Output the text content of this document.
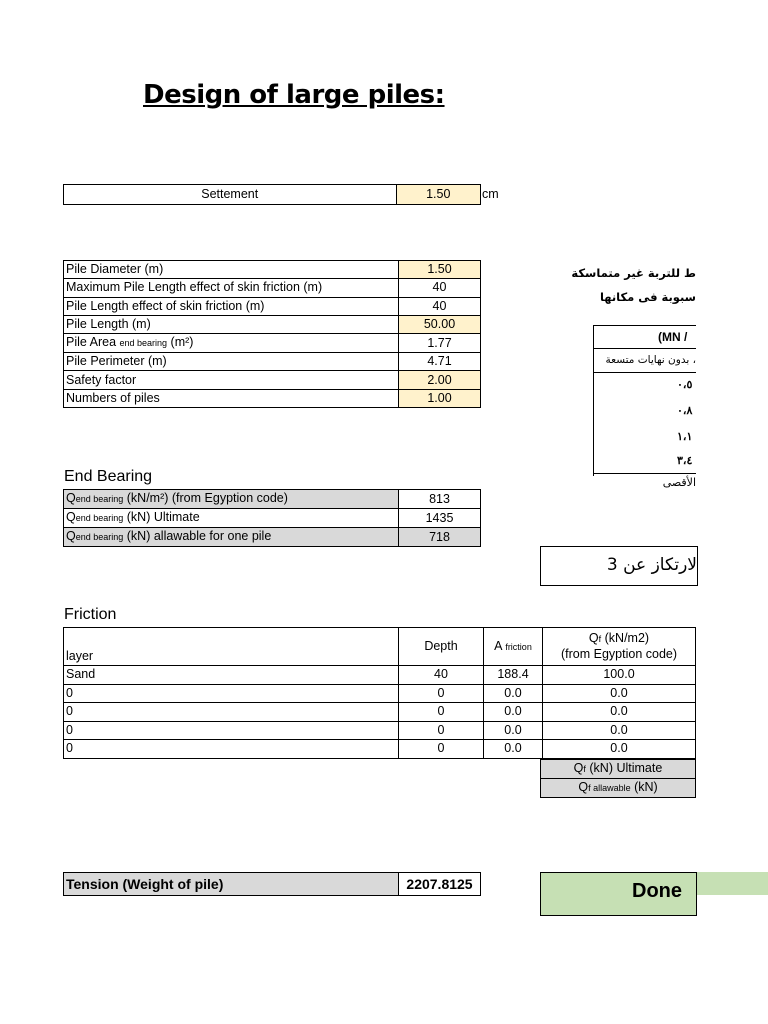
Design of large piles:
Settement	1.50	cm
Pile Diameter (m)	1.50
Maximum Pile Length effect of skin friction (m)	40
Pile Length effect of skin friction (m)	40
Pile Length (m)	50.00
Pile Area end bearing (m²)	1.77
Pile Perimeter (m)	4.71
Safety factor	2.00
Numbers of piles	1.00
End Bearing
Qend bearing (kN/m²) (from Egyption code)	813
Qend bearing (kN) Ultimate	1435
Qend bearing (kN) allawable for one pile	718
ط للتربة غير متماسكة
سبوبة فى مكانها
(MN /
، بدون نهايات متسعة
٠،٥
٠،٨
١،١
٣،٤
الأقصى
لارتكاز عن 3
Friction
layer	Depth	A friction	Qf (kN/m2)
(from Egyption code)
Sand	40	188.4	100.0
0	0	0.0	0.0
0	0	0.0	0.0
0	0	0.0	0.0
0	0	0.0	0.0
Qf (kN) Ultimate
Qf allawable (kN)
Tension (Weight of pile)	2207.8125	Done
